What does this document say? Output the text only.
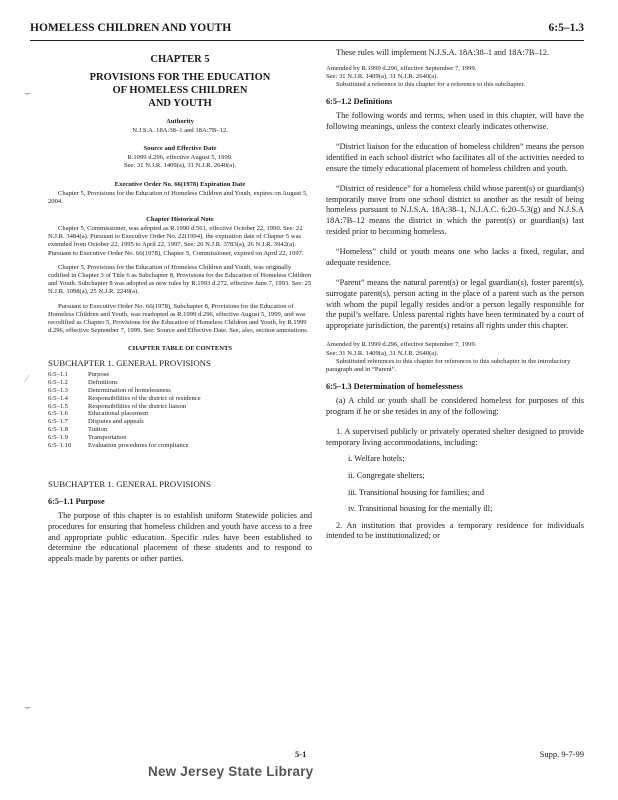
HOMELESS CHILDREN AND YOUTH	6:5–1.3
⌣
⁄
⌣
CHAPTER 5
PROVISIONS FOR THE EDUCATION
OF HOMELESS CHILDREN
AND YOUTH
Authority
N.J.S.A. 18A:38–1 and 18A:7B–12.
Source and Effective Date
R.1999 d.296, effective August 5, 1999.
See: 31 N.J.R. 1409(a), 31 N.J.R. 2640(a).
Executive Order No. 66(1978) Expiration Date

Chapter 5, Provisions for the Education of Homeless Children and Youth, expires on August 5, 2004.

Chapter Historical Note

Chapter 5, Commissioner, was adopted as R.1990 d.561, effective October 22, 1990. See: 22 N.J.R. 3484(a). Pursuant to Executive Order No. 22(1994), the expiration date of Chapter 5 was extended from October 22, 1995 to April 22, 1997. See: 26 N.J.R. 3783(a), 26 N.J.R. 3942(a). Pursuant to Executive Order No. 66(1978), Chapter 5, Commissioner, expired on April 22, 1997.

Chapter 5, Provisions for the Education of Homeless Children and Youth, was originally codified in Chapter 3 of Title 6 as Subchapter 8, Provisions for the Education of Homeless Children and Youth. Subchapter 8 was adopted as new rules by R.1993 d.272, effective June 7, 1993. See: 25 N.J.R. 1098(a), 25 N.J.R. 2249(a).

Pursuant to Executive Order No. 66(1978), Subchapter 8, Provisions for the Education of Homeless Children and Youth, was readopted as R.1999 d.296, effective August 5, 1999, and was recodified as Chapter 5, Provisions for the Education of Homeless Children and Youth, by R.1999 d.296, effective September 7, 1999. See: Source and Effective Date. See, also, section annotations.

CHAPTER TABLE OF CONTENTS
SUBCHAPTER 1. GENERAL PROVISIONS
6:5–1.1	Purpose
6:5–1.2	Definitions
6:5–1.3	Determination of homelessness
6:5–1.4	Responsibilities of the district of residence
6:5–1.5	Responsibilities of the district liaison
6:5–1.6	Educational placement
6:5–1.7	Disputes and appeals
6:5–1.8	Tuition
6:5–1.9	Transportation
6:5–1.10	Evaluation procedures for compliance
SUBCHAPTER 1. GENERAL PROVISIONS
6:5–1.1 Purpose

The purpose of this chapter is to establish uniform Statewide policies and procedures for ensuring that homeless children and youth have access to a free and appropriate public education. Specific rules have been established to determine the educational placement of these students and to respond to appeals made by parents or other parties.

These rules will implement N.J.S.A. 18A:38–1 and 18A:7B–12.

Amended by R.1999 d.296, effective September 7, 1999.
See: 31 N.J.R. 1409(a), 31 N.J.R. 2640(a).

Substituted a reference to this chapter for a reference to this subchapter.

6:5–1.2 Definitions

The following words and terms, when used in this chapter, will have the following meanings, unless the context clearly indicates otherwise.

“District liaison for the education of homeless children” means the person identified in each school district who facilitates all of the activities needed to ensure the timely educational placement of homeless children and youth.

“District of residence” for a homeless child whose parent(s) or guardian(s) temporarily move from one school district to another as the result of being homeless pursuant to N.J.S.A. 18A:38–1, N.J.A.C. 6:20–5.3(g) and N.J.S.A 18A:7B–12 means the district in which the parent(s) or guardian(s) last resided prior to becoming homeless.

“Homeless” child or youth means one who lacks a fixed, regular, and adequate residence.

“Parent” means the natural parent(s) or legal guardian(s), foster parent(s), surrogate parent(s), person acting in the place of a parent such as the person with whom the pupil legally resides and/or a person legally responsible for the pupil’s welfare. Unless parental rights have been terminated by a court of appropriate jurisdiction, the parent(s) retains all rights under this chapter.

Amended by R.1999 d.296, effective September 7, 1999.
See: 31 N.J.R. 1409(a), 31 N.J.R. 2640(a).

Substituted references to this chapter for references to this subchapter in the introductory paragraph and in “Parent”.

6:5–1.3 Determination of homelessness

(a) A child or youth shall be considered homeless for purposes of this program if he or she resides in any of the following:

1. A supervised publicly or privately operated shelter designed to provide temporary living accommodations, including:

i. Welfare hotels;

ii. Congregate shelters;

iii. Transitional housing for families; and

iv. Transitional housing for the mentally ill;

2. An institution that provides a temporary residence for individuals intended to be institutionalized; or

5-1	Supp. 9-7-99
New Jersey State Library
